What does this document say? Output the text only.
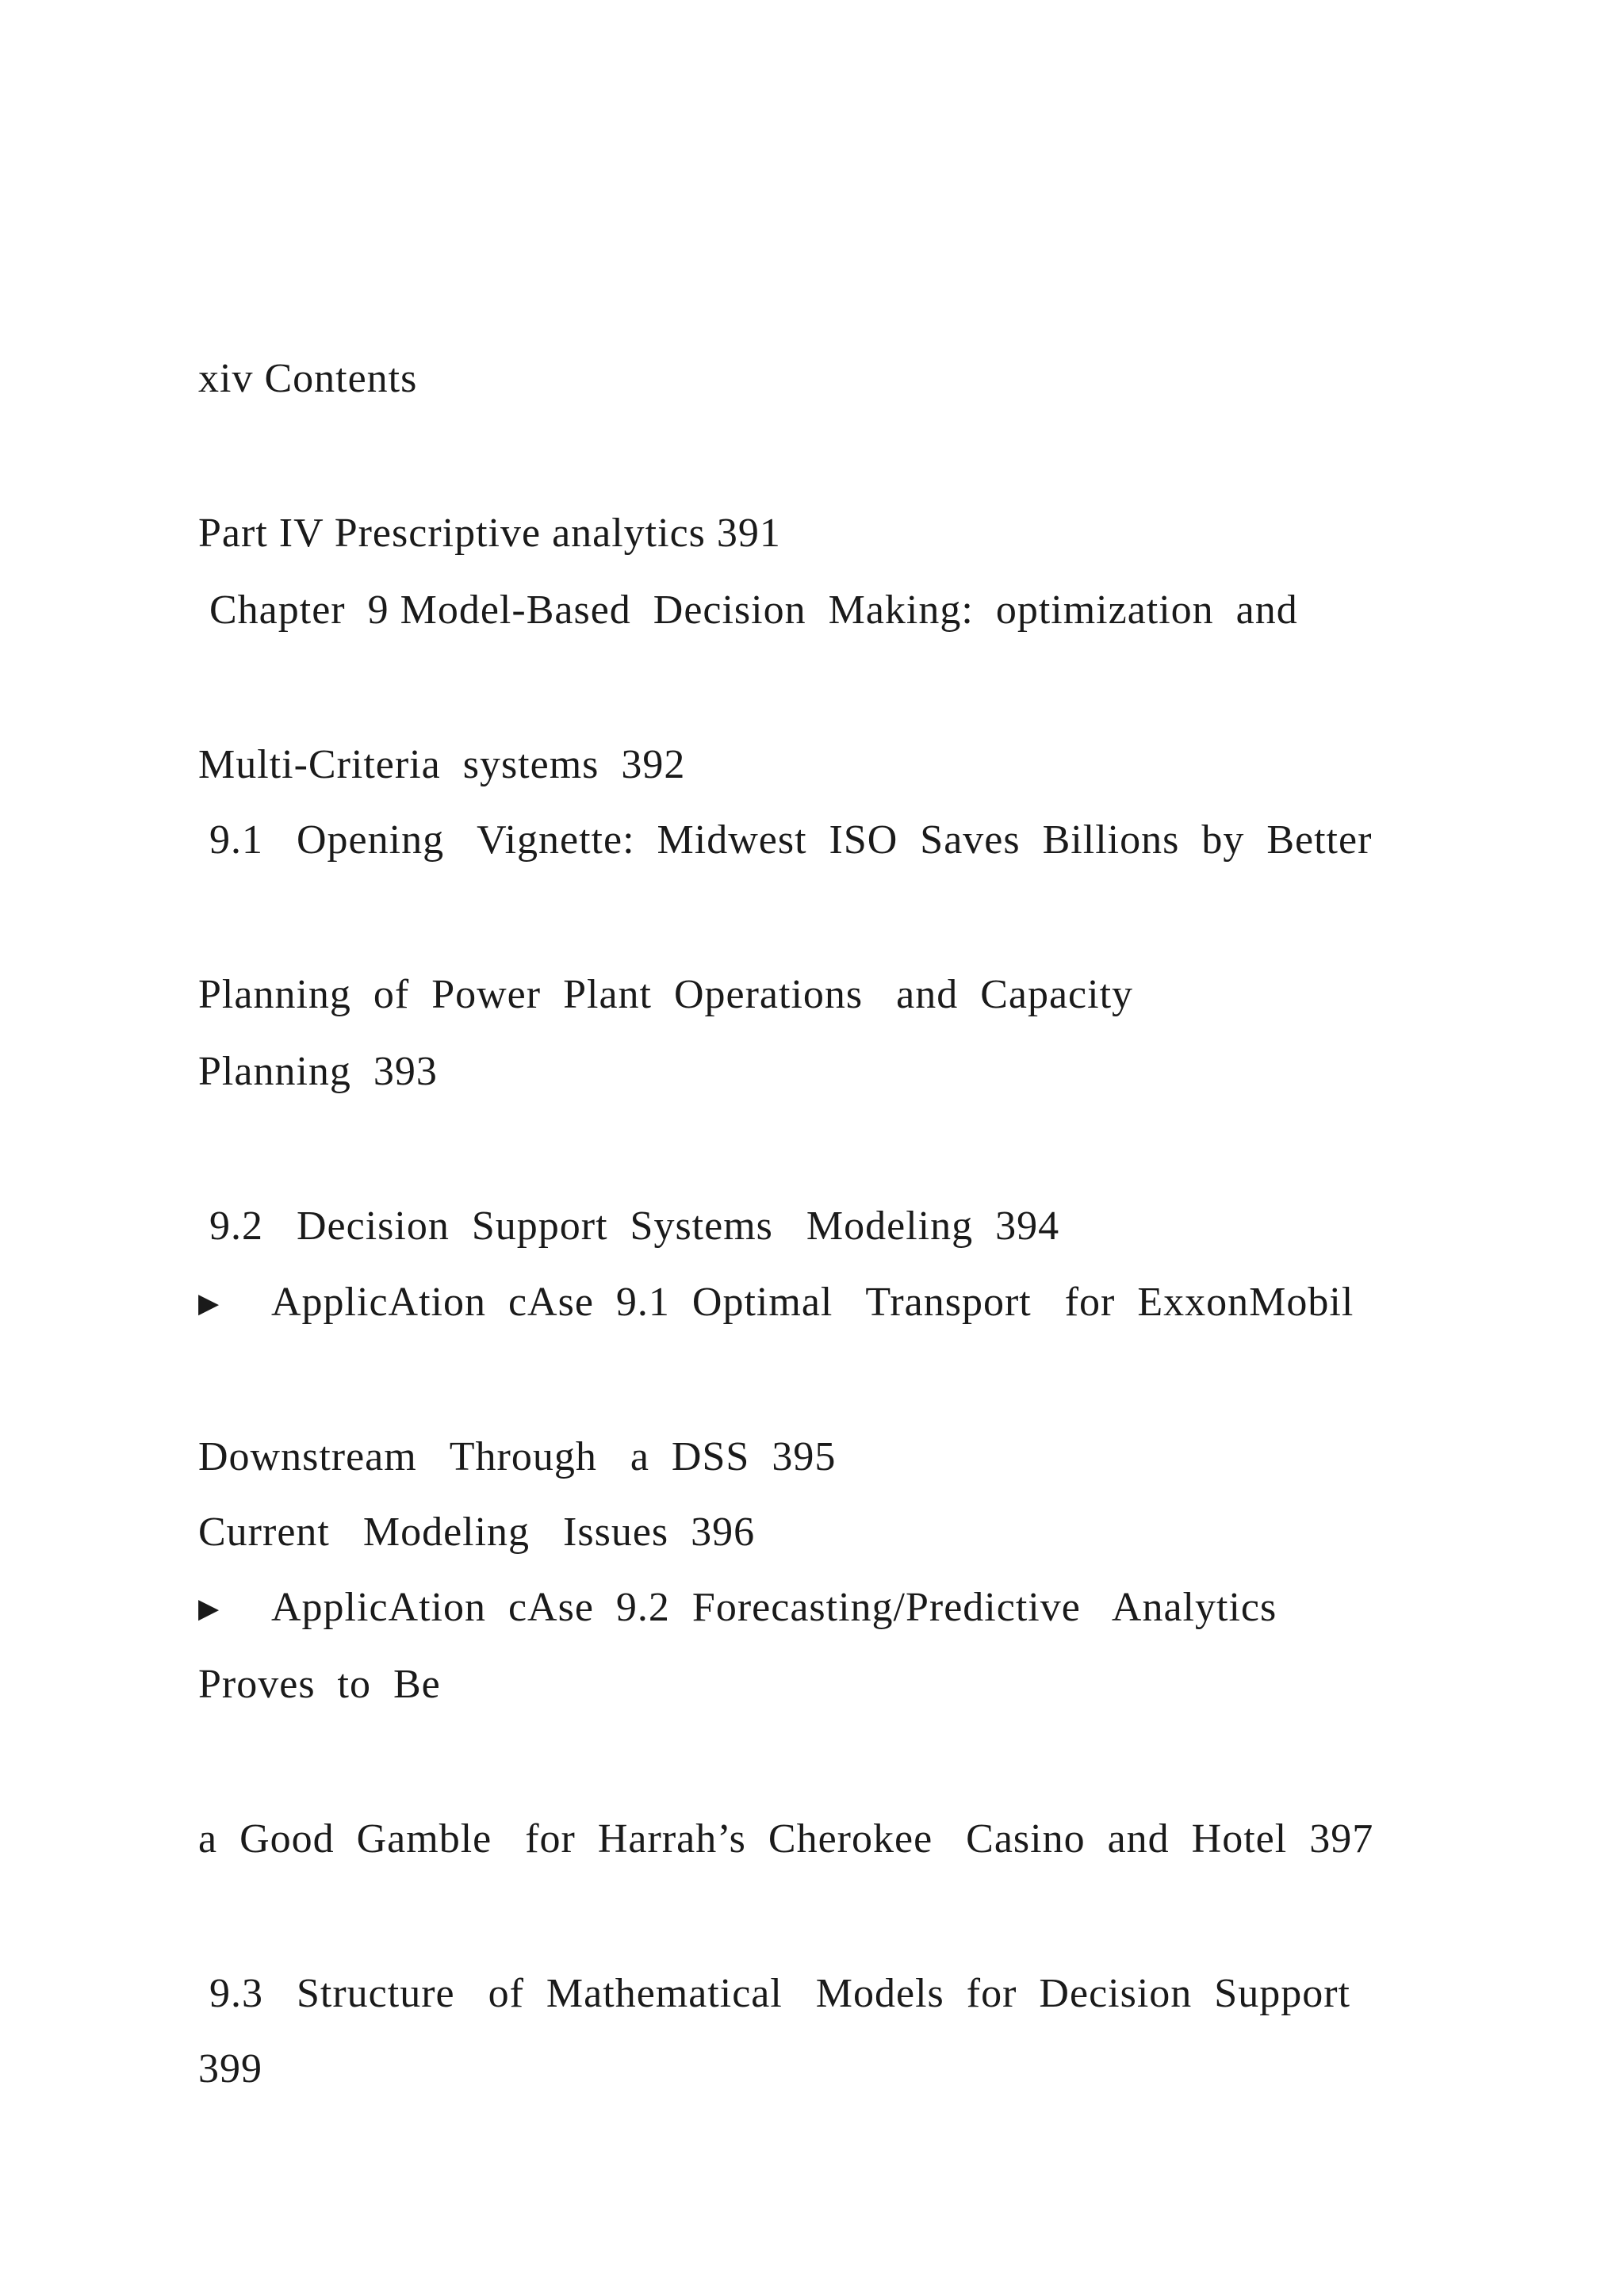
xiv Contents
Part IV Prescriptive analytics 391
Chapter  9 Model-Based  Decision  Making:  optimization  and
Multi-Criteria  systems  392
9.1   Opening   Vignette:  Midwest  ISO  Saves  Billions  by  Better
Planning  of  Power  Plant  Operations   and  Capacity
Planning  393
9.2   Decision  Support  Systems   Modeling  394
▶ ApplicAtion  cAse  9.1  Optimal   Transport   for  ExxonMobil
Downstream   Through   a  DSS  395
Current   Modeling   Issues  396
▶ ApplicAtion  cAse  9.2  Forecasting/Predictive   Analytics
Proves  to  Be
a  Good  Gamble   for  Harrah’s  Cherokee   Casino  and  Hotel  397
9.3   Structure   of  Mathematical   Models  for  Decision  Support
399
